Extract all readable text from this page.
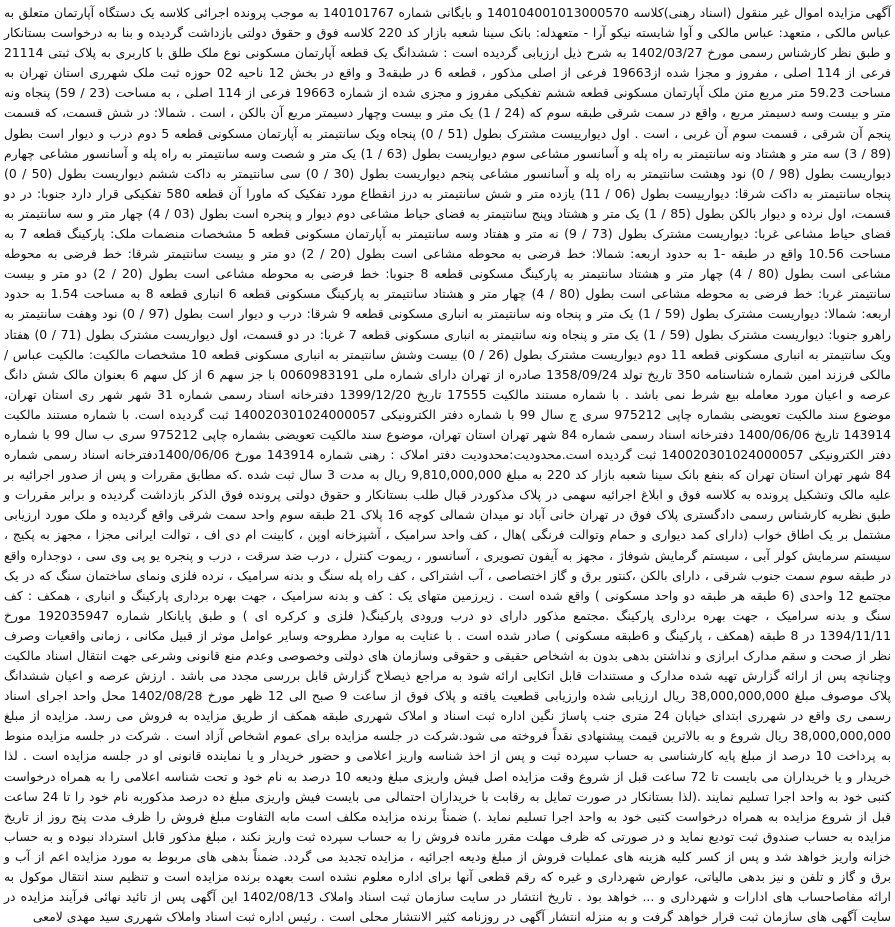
آگهی مزایده اموال غیر منقول (اسناد رهنی)کلاسه 140104001013000570 و بایگانی شماره 140101767 به موجب پرونده اجرائی کلاسه یک دستگاه آپارتمان متعلق به عباس مالکی ، متعهد: عباس مالکی و آوا شایسته نیکو آرا - متعهدله: بانک سینا شعبه بازار کد 220 کلاسه فوق و حقوق دولتی بازداشت گردیده و بنا به درخواست بستانکار و طبق نظر کارشناس رسمی مورخ 1402/03/27 به شرح ذیل ارزیابی گردیده است : ششدانگ یک قطعه آپارتمان مسکونی نوع ملک طلق با کاربری به پلاک ثبتی 21114 فرعی از 114 اصلی ، مفروز و مجزا شده از19663 فرعی از اصلی مذکور ، قطعه 6 در طبقه3 و واقع در بخش 12 ناحیه 02 حوزه ثبت ملک شهرری استان تهران به مساحت 59.23 متر مربع متن ملک آپارتمان مسکونی قطعه ششم تفکیکی مفروز و مجزی شده از شماره 19663 فرعی از 114 اصلی ، به مساحت (23 / 59) پنجاه ونه متر و بیست وسه دسیمتر مربع ، واقع در سمت شرقی طبقه سوم که (24 / 1) یک متر و بیست وچهار دسیمتر مربع آن بالکن ، است . شمالا: در شش قسمت، که قسمت پنجم آن شرقی ، قسمت سوم آن غربی ، است . اول دیوارییست مشترک بطول (51 / 0) پنجاه ویک سانتیمتر به آپارتمان مسکونی قطعه 5 دوم درب و دیوار است بطول (89 / 3) سه متر و هشتاد ونه سانتیمتر به راه پله و آسانسور مشاعی سوم دیواریست بطول (63 / 1) یک متر و شصت وسه سانتیمتر به راه پله و آسانسور مشاعی چهارم دیواریست بطول (98 / 0) نود وهشت سانتیمتر به راه پله و آسانسور مشاعی پنجم دیواریست بطول (30 / 0) سی سانتیمتر به داکت ششم دیواریست بطول (50 / 0) پنجاه سانتیمتر به داکت شرقا: دیوارییست بطول (06 / 11) یازده متر و شش سانتیمتر به درز انقطاع مورد تفکیک که ماورا آن قطعه 580 تفکیکی قرار دارد جنوبا: در دو قسمت، اول نرده و دیوار بالکن بطول (85 / 1) یک متر و هشتاد وپنج سانتیمتر به فضای حیاط مشاعی دوم دیوار و پنجره است بطول (03 / 4) چهار متر و سه سانتیمتر به فضای حیاط مشاعی غربا: دیواریست مشترک بطول (73 / 9) نه متر و هفتاد وسه سانتیمتر به آپارتمان مسکونی قطعه 5 مشخصات منضمات ملک: پارکینگ قطعه 7 به مساحت 10.56 واقع در طبقه -1 به حدود اربعه: شمالا: خط فرضی به محوطه مشاعی است بطول (20 / 2) دو متر و بیست سانتیمتر شرقا: خط فرضی به محوطه مشاعی است بطول (80 / 4) چهار متر و هشتاد سانتیمتر به پارکینگ مسکونی قطعه 8 جنوبا: خط فرضی به محوطه مشاعی است بطول (20 / 2) دو متر و بیست سانتیمتر غربا: خط فرضی به محوطه مشاعی است بطول (80 / 4) چهار متر و هشتاد سانتیمتر به پارکینگ مسکونی قطعه 6 انباری قطعه 8 به مساحت 1.54 به حدود اربعه: شمالا: دیواریست مشترک بطول (59 / 1) یک متر و پنجاه ونه سانتیمتر به انباری مسکونی قطعه 9 شرقا: درب و دیوار است بطول (97 / 0) نود وهفت سانتیمتر به راهرو جنوبا: دیواریست مشترک بطول (59 / 1) یک متر و پنجاه ونه سانتیمتر به انباری مسکونی قطعه 7 غربا: در دو قسمت، اول دیواریست مشترک بطول (71 / 0) هفتاد ویک سانتیمتر به انباری مسکونی قطعه 11 دوم دیواریست مشترک بطول (26 / 0) بیست وشش سانتیمتر به انباری مسکونی قطعه 10 مشخصات مالکیت: مالکیت عباس / مالکی فرزند امین شماره شناسنامه 350 تاریخ تولد 1358/09/24 صادره از تهران دارای شماره ملی 0060983191 با جز سهم 6 از کل سهم 6 بعنوان مالک شش دانگ عرصه و اعیان مورد معامله بیع شرط نمی باشد . با شماره مستند مالکیت 17555 تاریخ 1399/12/20 دفترخانه اسناد رسمی شماره 31 شهر شهر ری استان تهران، موضوع سند مالکیت تعویضی بشماره چاپی 975212 سری ج سال 99 با شماره دفتر الکترونیکی 140020301024000057 ثبت گردیده است. با شماره مستند مالکیت 143914 تاریخ 1400/06/06 دفترخانه اسناد رسمی شماره 84 شهر تهران استان تهران، موضوع سند مالکیت تعویضی بشماره چاپی 975212 سری ب سال 99 با شماره دفتر الکترونیکی 140020301024000057 ثبت گردیده است.محدودیت:محدودیت دفتر املاک : رهنی شماره 143914 مورخ 1400/06/06دفترخانه اسناد رسمی شماره 84 شهر تهران استان تهران که بنفع بانک سینا شعبه بازار کد 220 به مبلغ 9,810,000,000 ریال به مدت 3 سال ثبت شده .که مطابق مقررات و پس از صدور اجرائیه بر علیه مالک وتشکیل پرونده به کلاسه فوق و ابلاغ اجرائیه سهمی در پلاک مذکوردر قبال طلب بستانکار و حقوق دولتی پرونده فوق الذکر بازداشت گردیده و برابر مقررات و طبق نظریه کارشناس رسمی دادگستری پلاک فوق در تهران خانی آباد نو میدان شمالی کوچه 16 پلاک 21 طبقه سوم واحد سمت شرقی واقع گردیده و ملک مورد ارزیابی مشتمل بر یک اطاق خواب (دارای کمد دیواری و حمام وتوالت فرنگی )هال ، کف واحد سرامیک ، آشپزخانه اوپن ، کابینت ام دی اف ، توالت ایرانی مجزا ، مجهز به پکیج ، سیستم سرمایش کولر آبی ، سیستم گرمایش شوفاژ ، مجهز به آیفون تصویری ، آسانسور ، ریموت کنترل ، درب ضد سرقت ، درب و پنجره یو پی وی سی ، دوجداره واقع در طبقه سوم سمت جنوب شرقی ، دارای بالکن ،کنتور برق و گاز اختصاصی ، آب اشتراکی ، کف راه پله سنگ و بدنه سرامیک ، نرده فلزی ونمای ساختمان سنگ که در یک مجتمع 12 واحدی (6 طبقه هر طبقه دو واحد مسکونی ) واقع شده است . زیرزمین متهای یک : کف و بدنه سرامیک ، جهت بهره برداری پارکینگ و انباری ، همکف : کف سنگ و بدنه سرامیک ، جهت بهره برداری پارکینگ .مجتمع مذکور دارای دو درب ورودی پارکینگ( فلزی و کرکره ای ) و طبق پایانکار شماره 192035947 مورخ 1394/11/11 در 8 طبقه (همکف ، پارکینگ و 6طبقه مسکونی ) صادر شده است . با عنایت به موارد مطروحه وسایر عوامل موثر از قبیل مکانی ، زمانی واقعیات وصرف نظر از صحت و سقم مدارک ابرازی و نداشتن بدهی بدون به اشخاص حقیقی و حقوقی وسازمان های دولتی وخصوصی وعدم منع قانونی وشرعی جهت انتقال اسناد مالکیت وچنانچه پس از ارائه گزارش تهیه شده مدارک و مستندات قابل اتکایی ارائه شود به مراجع ذیصلاح گزارش قابل بررسی مجدد می باشد . ارزش عرصه و اعیان ششدانگ پلاک موصوف مبلغ 38,000,000,000 ریال ارزیابی شده وارزیابی قطعیت یافته و پلاک فوق از ساعت 9 صبح الی 12 ظهر مورخ 1402/08/28 محل واحد اجرای اسناد رسمی ری واقع در شهرری ابتدای خیابان 24 متری جنب پاساژ نگین اداره ثبت اسناد و املاک شهرری طبقه همکف از طریق مزایده به فروش می رسد. مزایده از مبلغ 38,000,000,000 ریال شروع و به بالاترین قیمت پیشنهادی نقداً فروخته می شود.شرکت در جلسه مزایده برای عموم اشخاص آزاد است . شرکت در جلسه مزایده منوط به پرداخت 10 درصد از مبلغ پایه کارشناسی به حساب سپرده ثبت و پس از اخذ شناسه واریز اعلامی و حضور خریدار و یا نماینده قانونی او در جلسه مزایده است . لذا خریدار و یا خریداران می بایست تا 72 ساعت قبل از شروع وقت مزایده اصل فیش واریزی مبلغ ودیعه 10 درصد به نام خود و تحت شناسه اعلامی را به همراه درخواست کتبی خود به واحد اجرا تسلیم نمایند .(لذا بستانکار در صورت تمایل به رقابت با خریداران احتمالی می بایست فیش واریزی مبلغ ده درصد مذکوربه نام خود را تا 24 ساعت قبل از شروع مزایده به همراه درخواست کتبی خود به واحد اجرا تسلیم نماید .) ضمناً برنده مزایده مکلف است مابه التفاوت مبلغ فروش را ظرف مدت پنج روز از تاریخ مزایده به حساب صندوق ثبت تودیع نماید و در صورتی که ظرف مهلت مقرر مانده فروش را به حساب سپرده ثبت واریز نکند ، مبلغ مذکور قابل استرداد نبوده و به حساب خزانه واریز خواهد شد و پس از کسر کلیه هزینه های عملیات فروش از مبلغ ودیعه اجرائیه ، مزایده تجدید می گردد. ضمناً بدهی های مربوط به مورد مزایده اعم از آب و برق و گاز و تلفن و نیز بدهی مالیاتی، عوارض شهرداری و غیره که رقم قطعی آنها برای اداره معلوم نشده است بعهده برنده مزایده است و تنظیم سند انتقال موکول به ارائه مفاصاحساب های ادارات و شهرداری و ... خواهد بود . تاریخ انتشار در سایت سازمان ثبت اسناد واملاک 1402/08/13 این آگهی پس از تائید نهائی فرآیند مزایده در سایت آگهی های سازمان ثبت قرار خواهد گرفت و به منزله انتشار آگهی در روزنامه کثیر الانتشار محلی است . رئیس اداره ثبت اسناد واملاک شهرری سید مهدی لامعی
